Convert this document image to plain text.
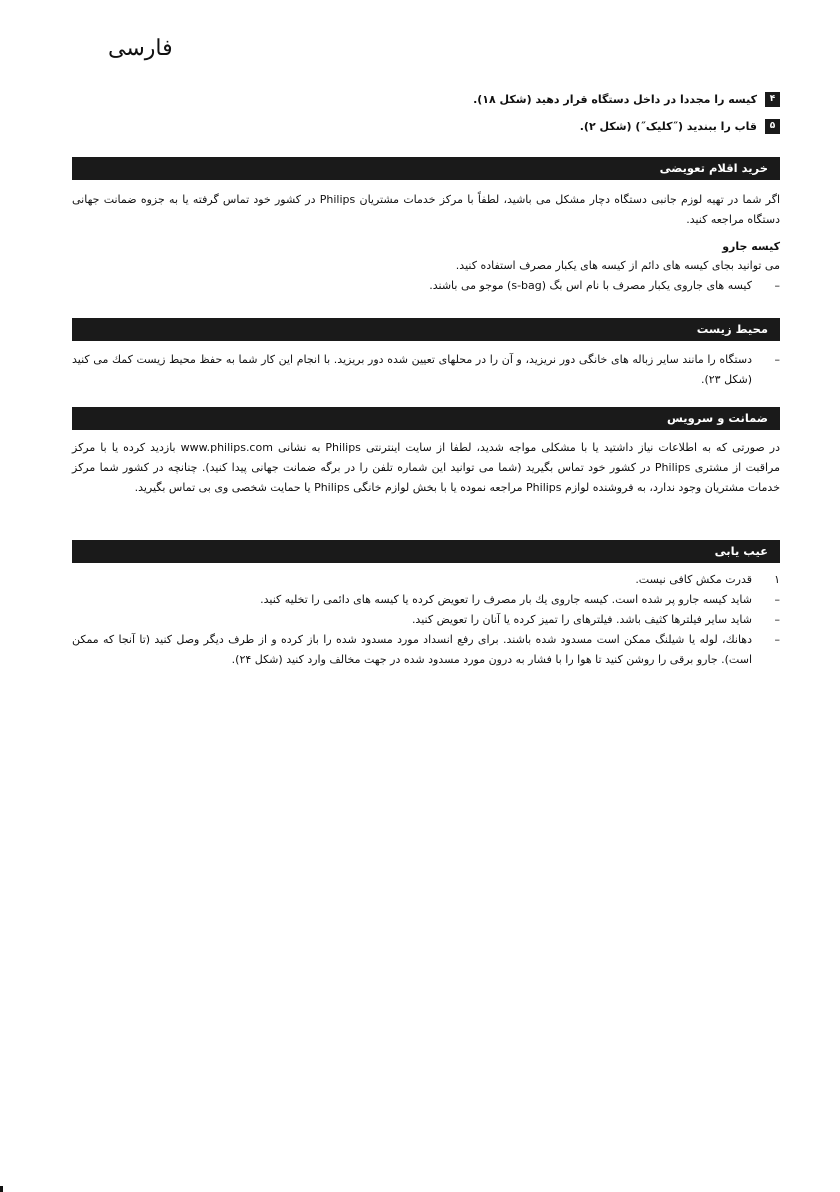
فارسی
۴
کیسه را مجددا در داخل دستگاه قرار دهید (شکل ۱۸).
۵
قاب را ببندید (˝کلیک˝) (شکل ۲).
خرید اقلام تعویضی
اگر شما در تهیه لوزم جانبی دستگاه دچار مشکل می باشید، لطفاً با مرکز خدمات مشتریان Philips در کشور خود تماس گرفته یا به جزوه ضمانت جهانی دستگاه مراجعه کنید.
کیسه جارو
می توانید بجای کیسه های دائم از کیسه های یکبار مصرف استفاده کنید.
–
کیسه های جاروی یکبار مصرف با نام اس بگ (s-bag) موجو می باشند.
محیط زیست
–
دستگاه را مانند سایر زباله های خانگی دور نریزید، و آن را در محلهای تعیین شده دور بریزید. با انجام این کار شما به حفظ محیط زیست کمك می کنید (شکل ۲۳).
ضمانت و سرویس
در صورتی که به اطلاعات نیاز داشتید یا با مشکلی مواجه شدید، لطفا از سایت اینترنتی Philips به نشانی www.philips.com بازدید کرده یا با مرکز مراقبت از مشتری Philips در کشور خود تماس بگیرید (شما می توانید این شماره تلفن را در برگه ضمانت جهانی پیدا کنید). چنانچه در کشور شما مرکز خدمات مشتریان وجود ندارد، به فروشنده لوازم Philips مراجعه نموده یا با بخش لوازم خانگی Philips یا حمایت شخصی وی بی تماس بگیرید.
عیب یابی
۱
قدرت مکش کافی نیست.
–
شاید کیسه جارو پر شده است. کیسه جاروی یك بار مصرف را تعویض کرده یا کیسه های دائمی را تخلیه کنید.
–
شاید سایر فیلترها کثیف باشد. فیلترهای را تمیز کرده یا آنان را تعویض کنید.
–
دهانك، لوله یا شیلنگ ممکن است مسدود شده باشند. برای رفع انسداد مورد مسدود شده را باز کرده و از طرف دیگر وصل کنید (تا آنجا که ممکن است). جارو برقی را روشن کنید تا هوا را با فشار به درون مورد مسدود شده در جهت مخالف وارد کنید (شکل ۲۴).
